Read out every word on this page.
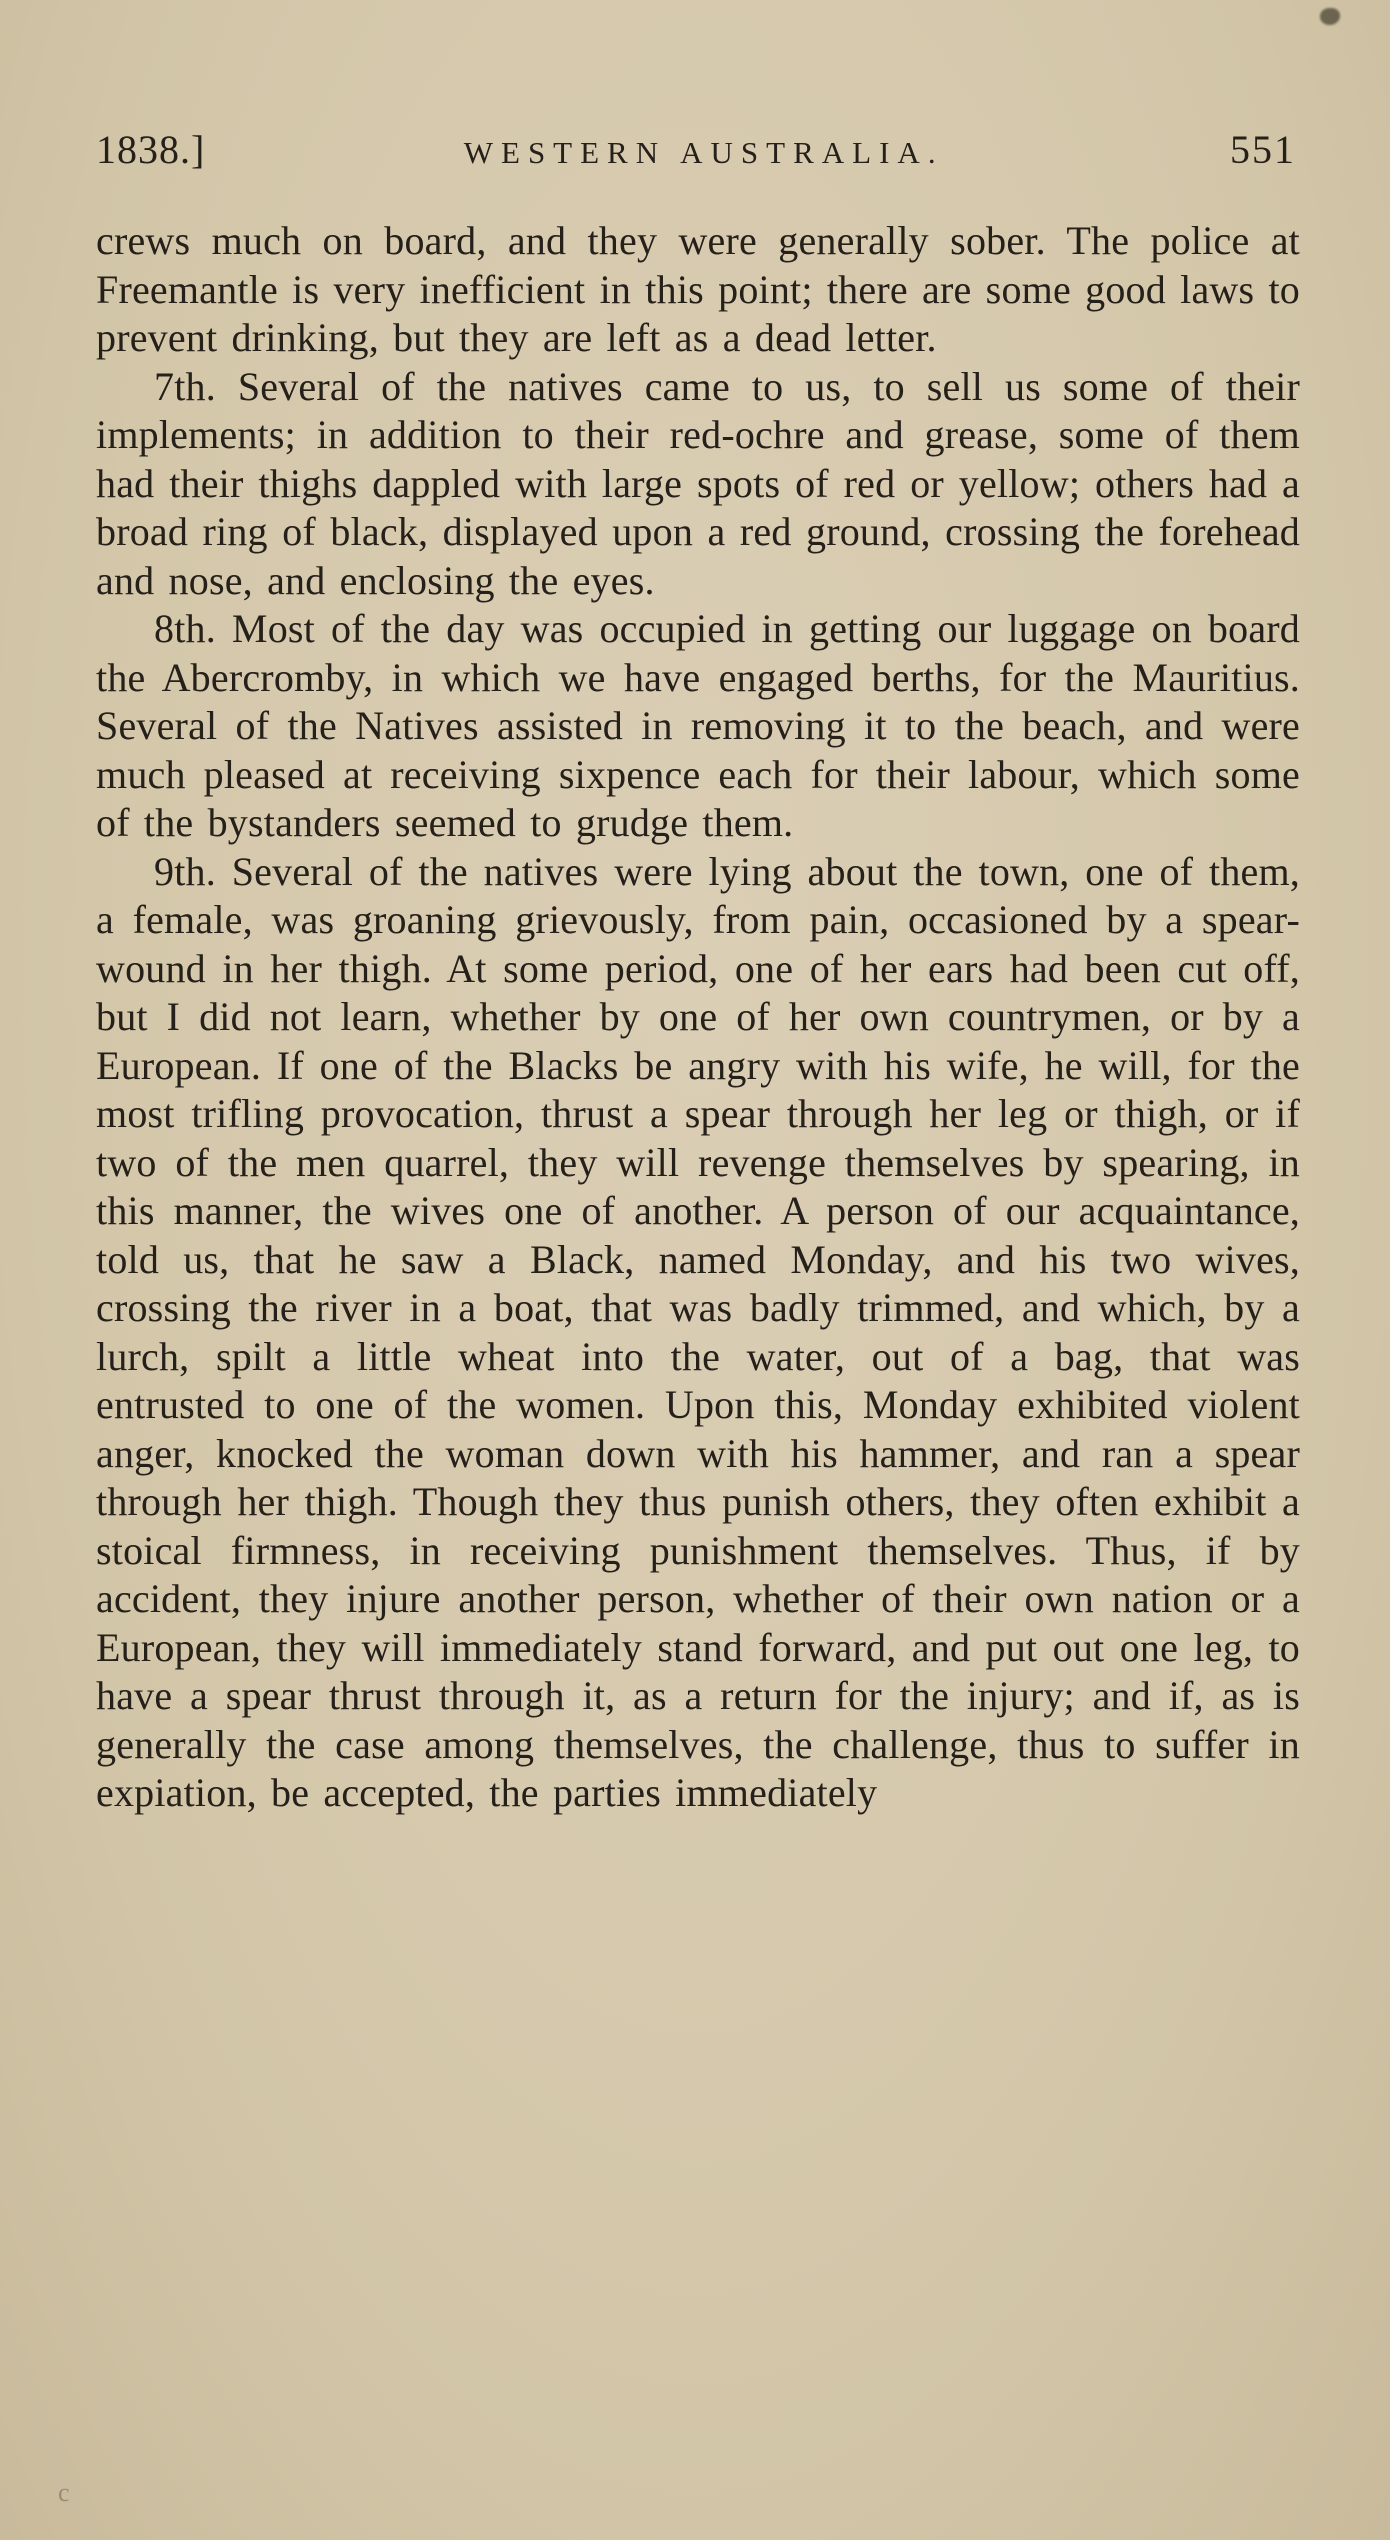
1838.]	WESTERN AUSTRALIA.	551

crews much on board, and they were generally sober. The police at Freemantle is very inefficient in this point; there are some good laws to prevent drinking, but they are left as a dead letter.

7th. Several of the natives came to us, to sell us some of their implements; in addition to their red-ochre and grease, some of them had their thighs dappled with large spots of red or yellow; others had a broad ring of black, displayed upon a red ground, crossing the forehead and nose, and enclosing the eyes.

8th. Most of the day was occupied in getting our luggage on board the Abercromby, in which we have engaged berths, for the Mauritius. Several of the Natives assisted in removing it to the beach, and were much pleased at receiving sixpence each for their labour, which some of the bystanders seemed to grudge them.

9th. Several of the natives were lying about the town, one of them, a female, was groaning grievously, from pain, occasioned by a spear-wound in her thigh. At some period, one of her ears had been cut off, but I did not learn, whether by one of her own countrymen, or by a European. If one of the Blacks be angry with his wife, he will, for the most trifling provocation, thrust a spear through her leg or thigh, or if two of the men quarrel, they will revenge themselves by spearing, in this manner, the wives one of another. A person of our acquaintance, told us, that he saw a Black, named Monday, and his two wives, crossing the river in a boat, that was badly trimmed, and which, by a lurch, spilt a little wheat into the water, out of a bag, that was entrusted to one of the women. Upon this, Monday exhibited violent anger, knocked the woman down with his hammer, and ran a spear through her thigh. Though they thus punish others, they often exhibit a stoical firmness, in receiving punishment themselves. Thus, if by accident, they injure another person, whether of their own nation or a European, they will immediately stand forward, and put out one leg, to have a spear thrust through it, as a return for the injury; and if, as is generally the case among themselves, the challenge, thus to suffer in expiation, be accepted, the parties immediately

c
